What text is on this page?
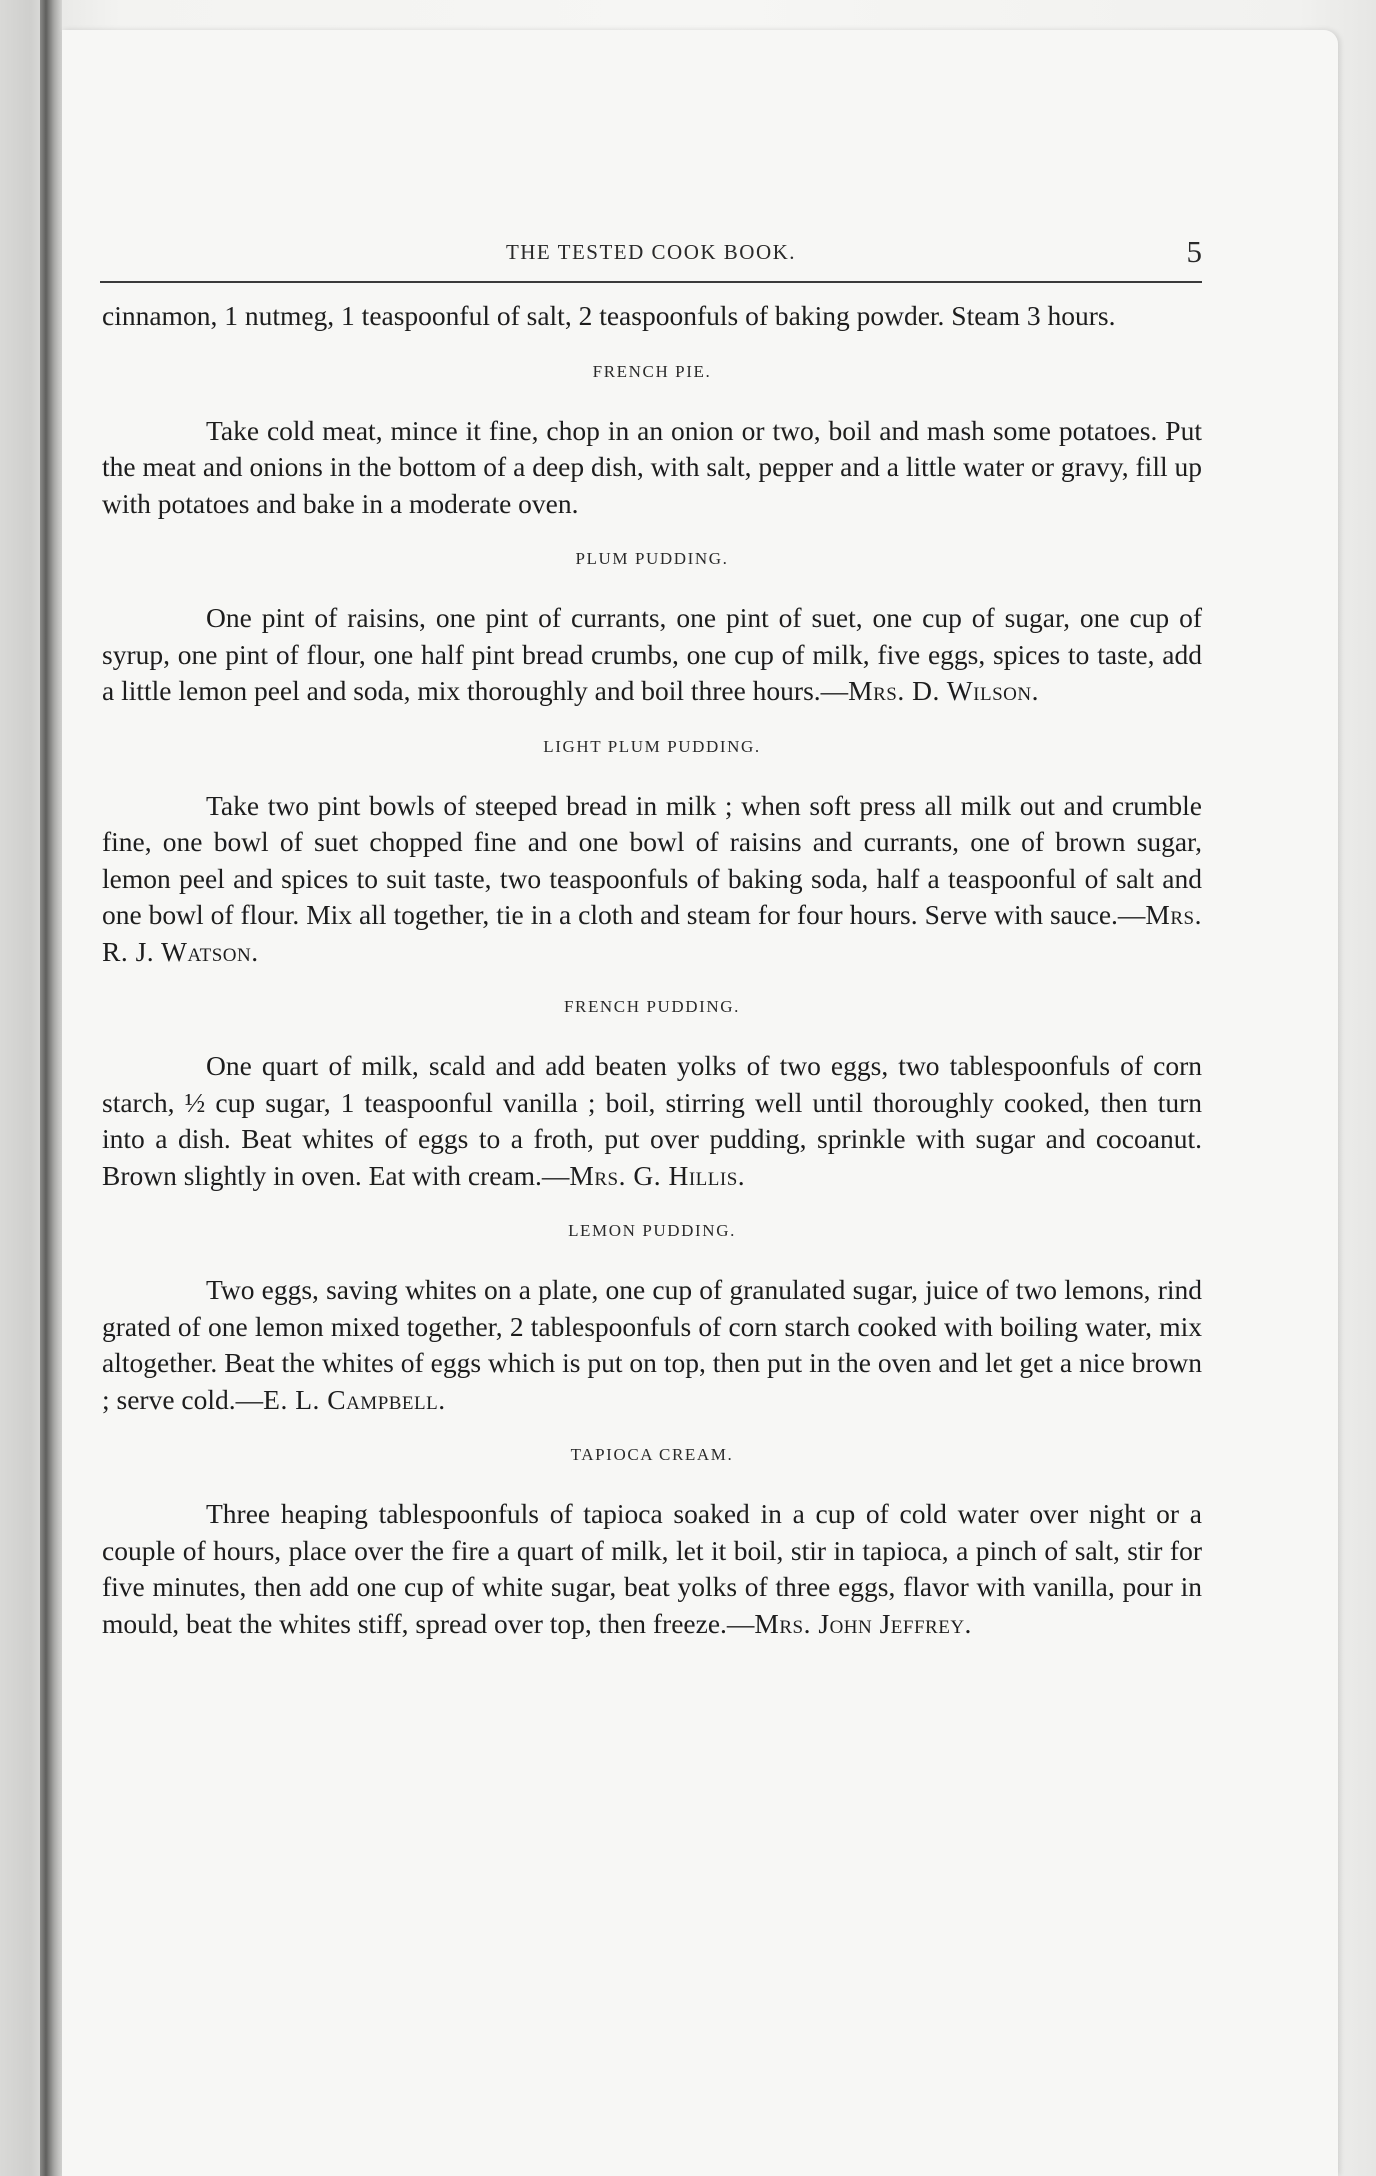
THE TESTED COOK BOOK.	5

cinnamon, 1 nutmeg, 1 teaspoonful of salt, 2 teaspoonfuls of baking powder. Steam 3 hours.

FRENCH PIE.

Take cold meat, mince it fine, chop in an onion or two, boil and mash some potatoes. Put the meat and onions in the bottom of a deep dish, with salt, pepper and a little water or gravy, fill up with potatoes and bake in a moderate oven.

PLUM PUDDING.

One pint of raisins, one pint of currants, one pint of suet, one cup of sugar, one cup of syrup, one pint of flour, one half pint bread crumbs, one cup of milk, five eggs, spices to taste, add a little lemon peel and soda, mix thoroughly and boil three hours.—Mrs. D. Wilson.

LIGHT PLUM PUDDING.

Take two pint bowls of steeped bread in milk ; when soft press all milk out and crumble fine, one bowl of suet chopped fine and one bowl of raisins and currants, one of brown sugar, lemon peel and spices to suit taste, two teaspoonfuls of baking soda, half a teaspoonful of salt and one bowl of flour. Mix all together, tie in a cloth and steam for four hours. Serve with sauce.—Mrs. R. J. Watson.

FRENCH PUDDING.

One quart of milk, scald and add beaten yolks of two eggs, two tablespoonfuls of corn starch, ½ cup sugar, 1 teaspoonful vanilla ; boil, stirring well until thoroughly cooked, then turn into a dish. Beat whites of eggs to a froth, put over pudding, sprinkle with sugar and cocoanut. Brown slightly in oven. Eat with cream.—Mrs. G. Hillis.

LEMON PUDDING.

Two eggs, saving whites on a plate, one cup of granulated sugar, juice of two lemons, rind grated of one lemon mixed together, 2 tablespoonfuls of corn starch cooked with boiling water, mix altogether. Beat the whites of eggs which is put on top, then put in the oven and let get a nice brown ; serve cold.—E. L. Campbell.

TAPIOCA CREAM.

Three heaping tablespoonfuls of tapioca soaked in a cup of cold water over night or a couple of hours, place over the fire a quart of milk, let it boil, stir in tapioca, a pinch of salt, stir for five minutes, then add one cup of white sugar, beat yolks of three eggs, flavor with vanilla, pour in mould, beat the whites stiff, spread over top, then freeze.—Mrs. John Jeffrey.
